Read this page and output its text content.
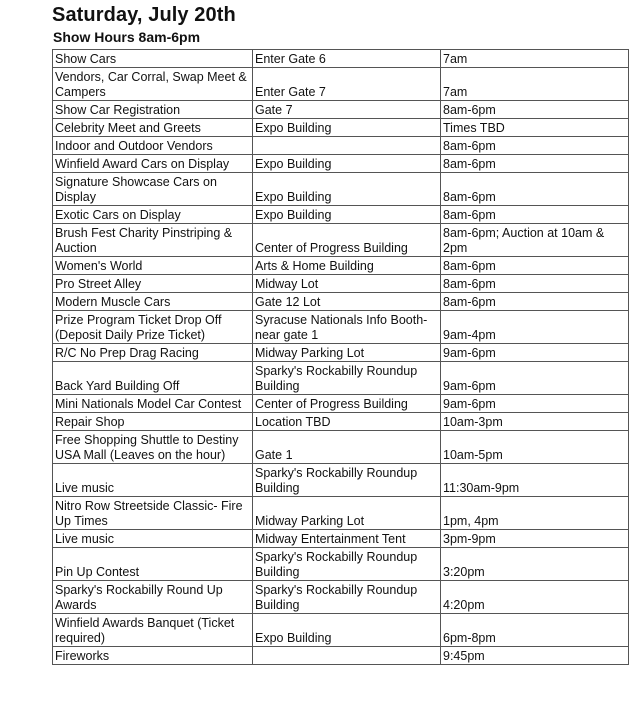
Saturday, July 20th
Show Hours 8am-6pm
Show Cars	Enter Gate 6	7am
Vendors, Car Corral, Swap Meet & Campers	Enter Gate 7	7am
Show Car Registration	Gate 7	8am-6pm
Celebrity Meet and Greets	Expo Building	Times TBD
Indoor and Outdoor Vendors		8am-6pm
Winfield Award Cars on Display	Expo Building	8am-6pm
Signature Showcase Cars on Display	Expo Building	8am-6pm
Exotic Cars on Display	Expo Building	8am-6pm
Brush Fest Charity Pinstriping & Auction	Center of Progress Building	8am-6pm; Auction at 10am & 2pm
Women's World	Arts & Home Building	8am-6pm
Pro Street Alley	Midway Lot	8am-6pm
Modern Muscle Cars	Gate 12 Lot	8am-6pm
Prize Program Ticket Drop Off (Deposit Daily Prize Ticket)	Syracuse Nationals Info Booth- near gate 1	9am-4pm
R/C No Prep Drag Racing	Midway Parking Lot	9am-6pm
Back Yard Building Off	Sparky's Rockabilly Roundup Building	9am-6pm
Mini Nationals Model Car Contest	Center of Progress Building	9am-6pm
Repair Shop	Location TBD	10am-3pm
Free Shopping Shuttle to Destiny USA Mall (Leaves on the hour)	Gate 1	10am-5pm
Live music	Sparky's Rockabilly Roundup Building	11:30am-9pm
Nitro Row Streetside Classic- Fire Up Times	Midway Parking Lot	1pm, 4pm
Live music	Midway Entertainment Tent	3pm-9pm
Pin Up Contest	Sparky's Rockabilly Roundup Building	3:20pm
Sparky's Rockabilly Round Up Awards	Sparky's Rockabilly Roundup Building	4:20pm
Winfield Awards Banquet (Ticket required)	Expo Building	6pm-8pm
Fireworks		9:45pm
